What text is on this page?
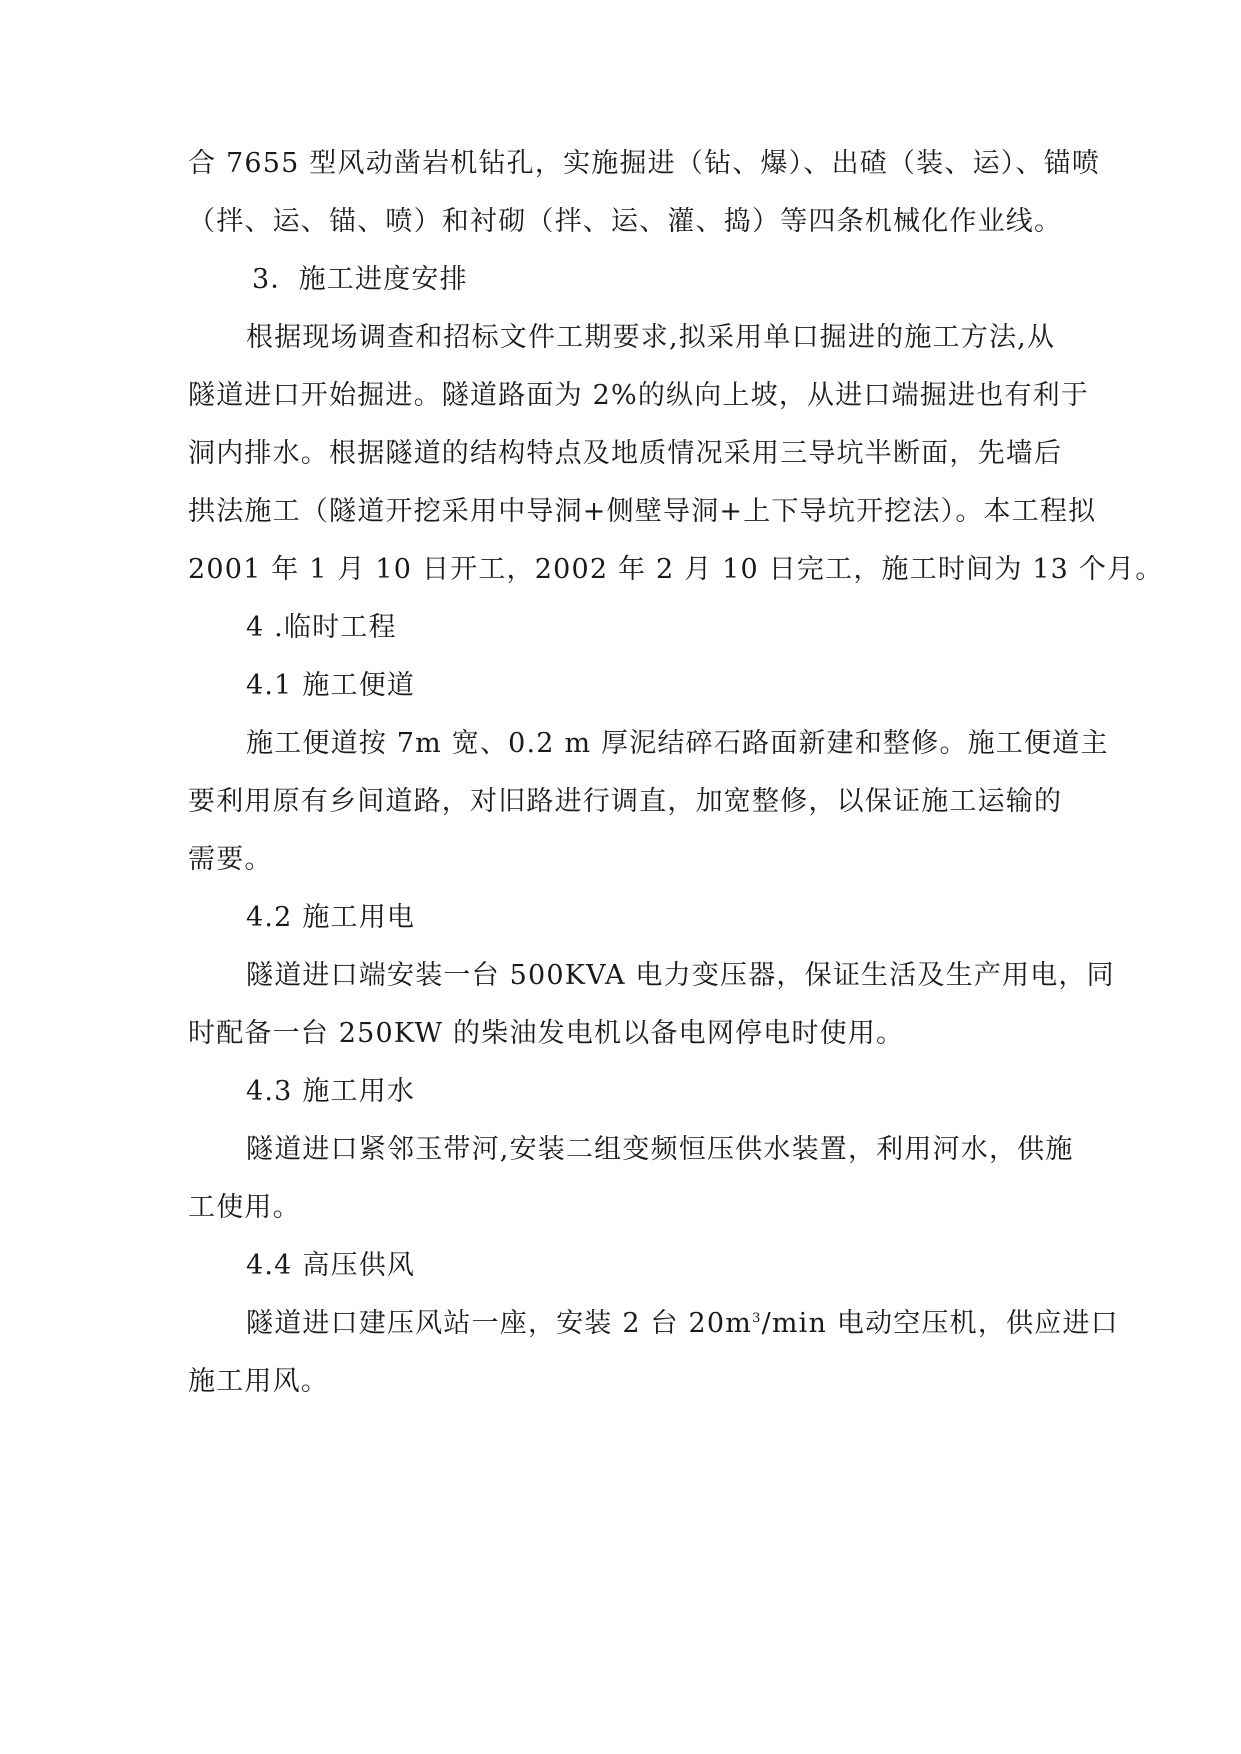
合 7655 型风动凿岩机钻孔，实施掘进（钻、爆）、出碴（装、运）、锚喷

（拌、运、锚、喷）和衬砌（拌、运、灌、捣）等四条机械化作业线。

3．施工进度安排

根据现场调查和招标文件工期要求,拟采用单口掘进的施工方法,从

隧道进口开始掘进。隧道路面为 2%的纵向上坡，从进口端掘进也有利于

洞内排水。根据隧道的结构特点及地质情况采用三导坑半断面，先墙后

拱法施工（隧道开挖采用中导洞+侧壁导洞+上下导坑开挖法）。本工程拟

2001 年 1 月 10 日开工，2002 年 2 月 10 日完工，施工时间为 13 个月。

4 .临时工程

4.1 施工便道

施工便道按 7m 宽、0.2 m 厚泥结碎石路面新建和整修。施工便道主

要利用原有乡间道路，对旧路进行调直，加宽整修，以保证施工运输的

需要。

4.2 施工用电

隧道进口端安装一台 500KVA 电力变压器，保证生活及生产用电，同

时配备一台 250KW 的柴油发电机以备电网停电时使用。

4.3 施工用水

隧道进口紧邻玉带河,安装二组变频恒压供水装置，利用河水，供施

工使用。

4.4 高压供风

隧道进口建压风站一座，安装 2 台 $20m^3/\min$ 电动空压机，供应进口

施工用风。
